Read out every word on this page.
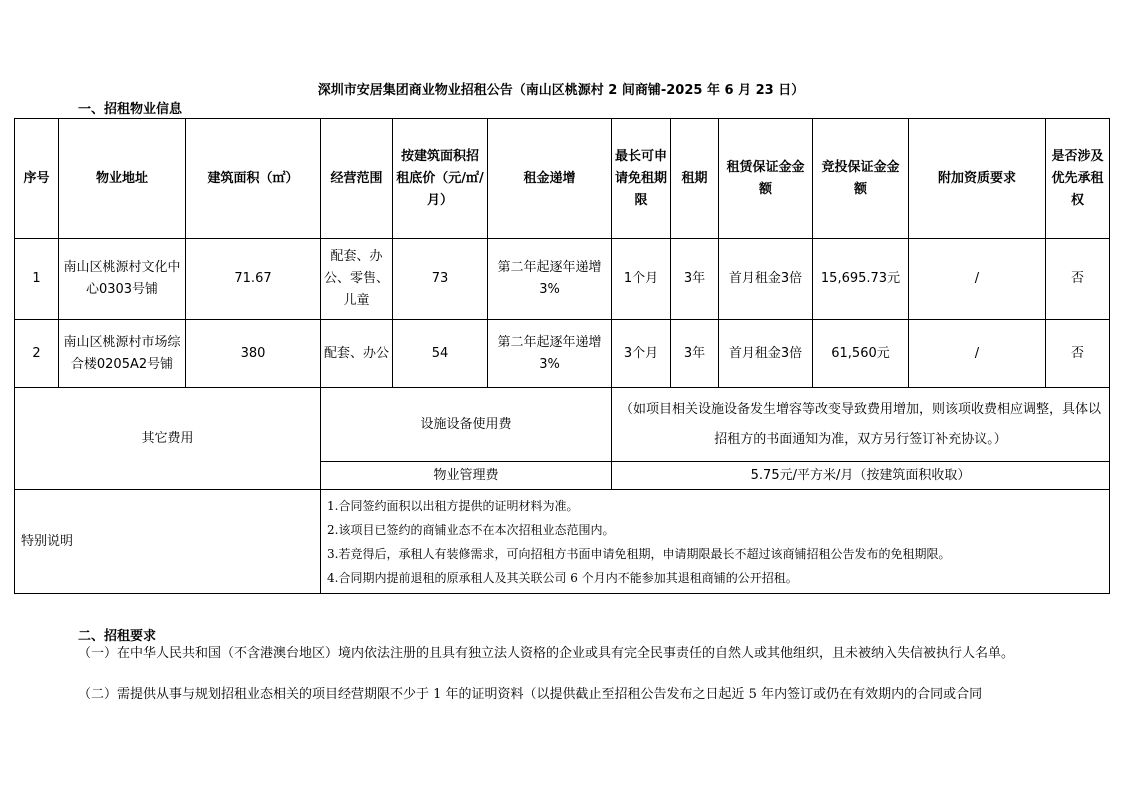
深圳市安居集团商业物业招租公告（南山区桃源村 2 间商铺-2025 年 6 月 23 日）
一、招租物业信息
序号	物业地址	建筑面积（㎡）	经营范围	按建筑面积招租底价（元/㎡/月）	租金递增	最长可申请免租期限	租期	租赁保证金金额	竞投保证金金额	附加资质要求	是否涉及优先承租权
1	南山区桃源村文化中心0303号铺	71.67	配套、办公、零售、儿童	73	第二年起逐年递增3%	1个月	3年	首月租金3倍	15,695.73元	/	否
2	南山区桃源村市场综合楼0205A2号铺	380	配套、办公	54	第二年起逐年递增3%	3个月	3年	首月租金3倍	61,560元	/	否
其它费用			设施设备使用费			（如项目相关设施设备发生增容等改变导致费用增加，则该项收费相应调整，具体以招租方的书面通知为准，双方另行签订补充协议。）					
			物业管理费			5.75元/平方米/月（按建筑面积收取）					
特别说明			1.合同签约面积以出租方提供的证明材料为准。
2.该项目已签约的商铺业态不在本次招租业态范围内。
3.若竞得后，承租人有装修需求，可向招租方书面申请免租期，申请期限最长不超过该商铺招租公告发布的免租期限。
4.合同期内提前退租的原承租人及其关联公司 6 个月内不能参加其退租商铺的公开招租。								
二、招租要求
（一）在中华人民共和国（不含港澳台地区）境内依法注册的且具有独立法人资格的企业或具有完全民事责任的自然人或其他组织，且未被纳入失信被执行人名单。
（二）需提供从事与规划招租业态相关的项目经营期限不少于 1 年的证明资料（以提供截止至招租公告发布之日起近 5 年内签订或仍在有效期内的合同或合同
